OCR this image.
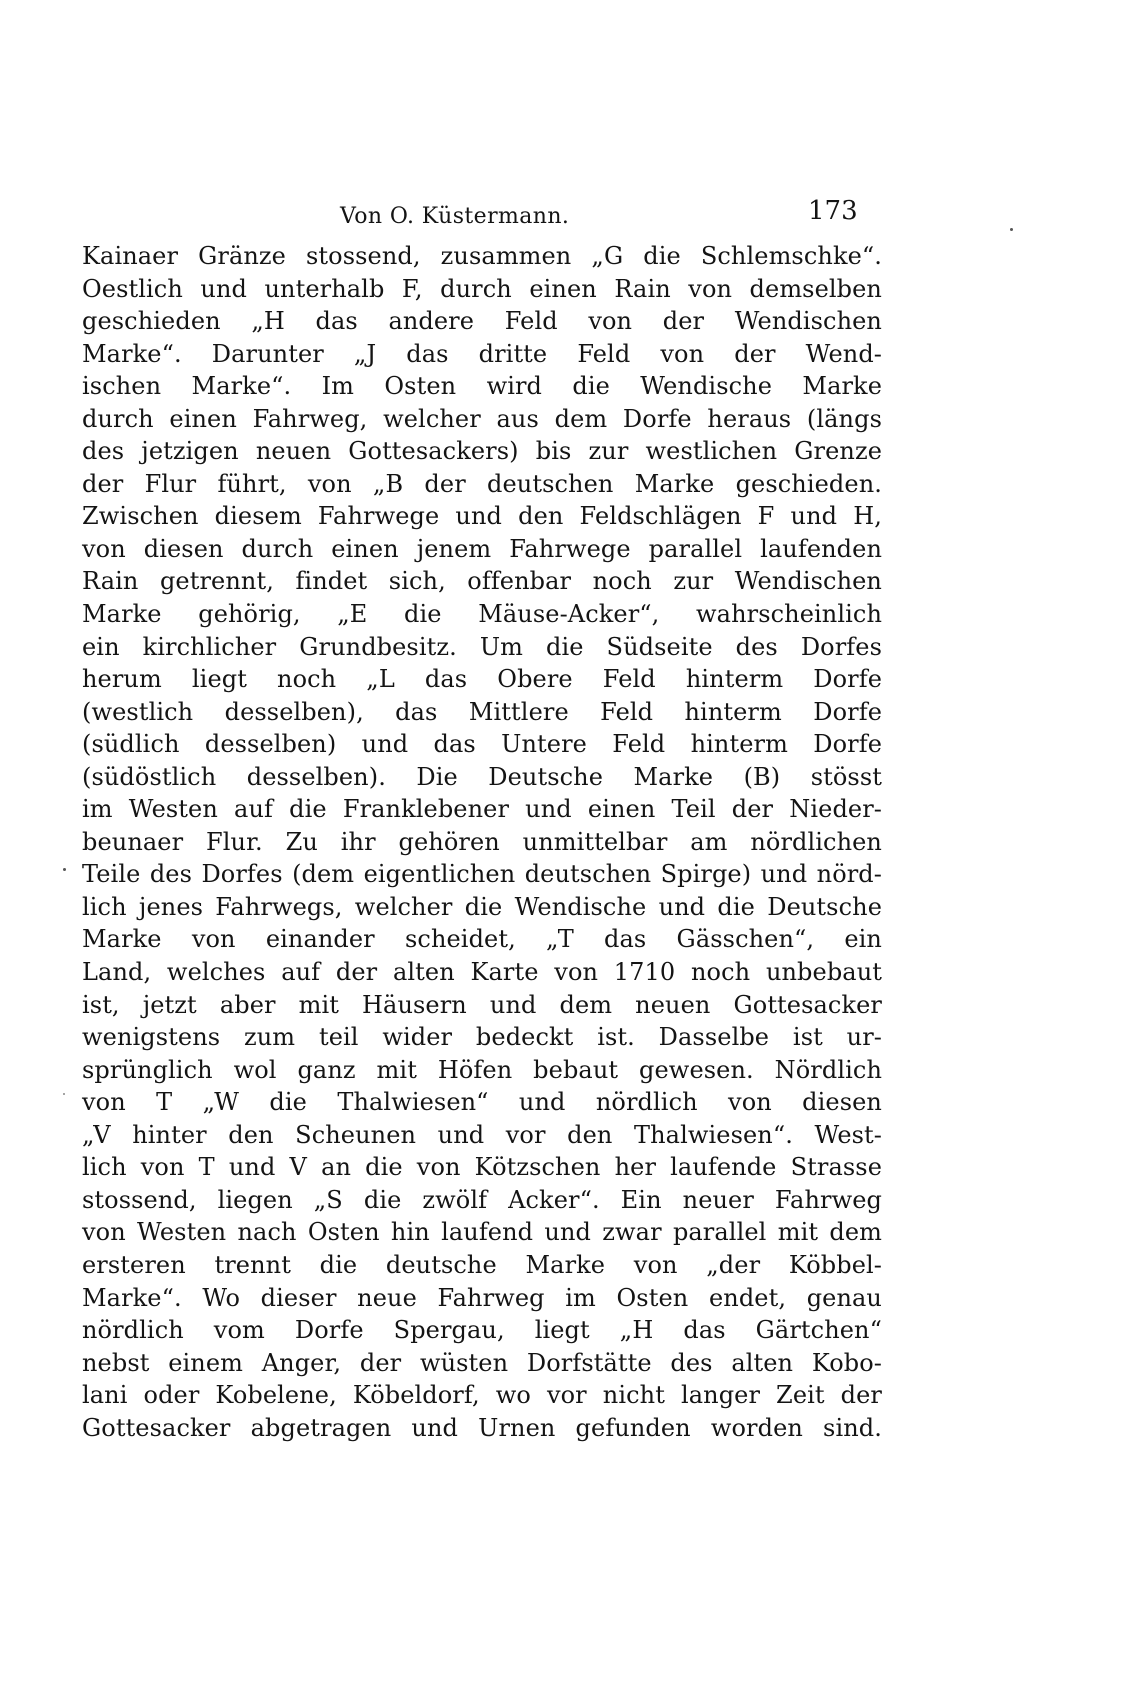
Von O. Küstermann.	173
Kainaer Gränze stossend, zusammen „G die Schlemschke“.
Oestlich und unterhalb F, durch einen Rain von demselben
geschieden „H das andere Feld von der Wendischen
Marke“. Darunter „J das dritte Feld von der Wend-
ischen Marke“. Im Osten wird die Wendische Marke
durch einen Fahrweg, welcher aus dem Dorfe heraus (längs
des jetzigen neuen Gottesackers) bis zur westlichen Grenze
der Flur führt, von „B der deutschen Marke geschieden.
Zwischen diesem Fahrwege und den Feldschlägen F und H,
von diesen durch einen jenem Fahrwege parallel laufenden
Rain getrennt, findet sich, offenbar noch zur Wendischen
Marke gehörig, „E die Mäuse-Acker“, wahrscheinlich
ein kirchlicher Grundbesitz. Um die Südseite des Dorfes
herum liegt noch „L das Obere Feld hinterm Dorfe
(westlich desselben), das Mittlere Feld hinterm Dorfe
(südlich desselben) und das Untere Feld hinterm Dorfe
(südöstlich desselben). Die Deutsche Marke (B) stösst
im Westen auf die Franklebener und einen Teil der Nieder-
beunaer Flur. Zu ihr gehören unmittelbar am nördlichen
Teile des Dorfes (dem eigentlichen deutschen Spirge) und nörd-
lich jenes Fahrwegs, welcher die Wendische und die Deutsche
Marke von einander scheidet, „T das Gässchen“, ein
Land, welches auf der alten Karte von 1710 noch unbebaut
ist, jetzt aber mit Häusern und dem neuen Gottesacker
wenigstens zum teil wider bedeckt ist. Dasselbe ist ur-
sprünglich wol ganz mit Höfen bebaut gewesen. Nördlich
von T „W die Thalwiesen“ und nördlich von diesen
„V hinter den Scheunen und vor den Thalwiesen“. West-
lich von T und V an die von Kötzschen her laufende Strasse
stossend, liegen „S die zwölf Acker“. Ein neuer Fahrweg
von Westen nach Osten hin laufend und zwar parallel mit dem
ersteren trennt die deutsche Marke von „der Köbbel-
Marke“. Wo dieser neue Fahrweg im Osten endet, genau
nördlich vom Dorfe Spergau, liegt „H das Gärtchen“
nebst einem Anger, der wüsten Dorfstätte des alten Kobo-
lani oder Kobelene, Köbeldorf, wo vor nicht langer Zeit der
Gottesacker abgetragen und Urnen gefunden worden sind.
